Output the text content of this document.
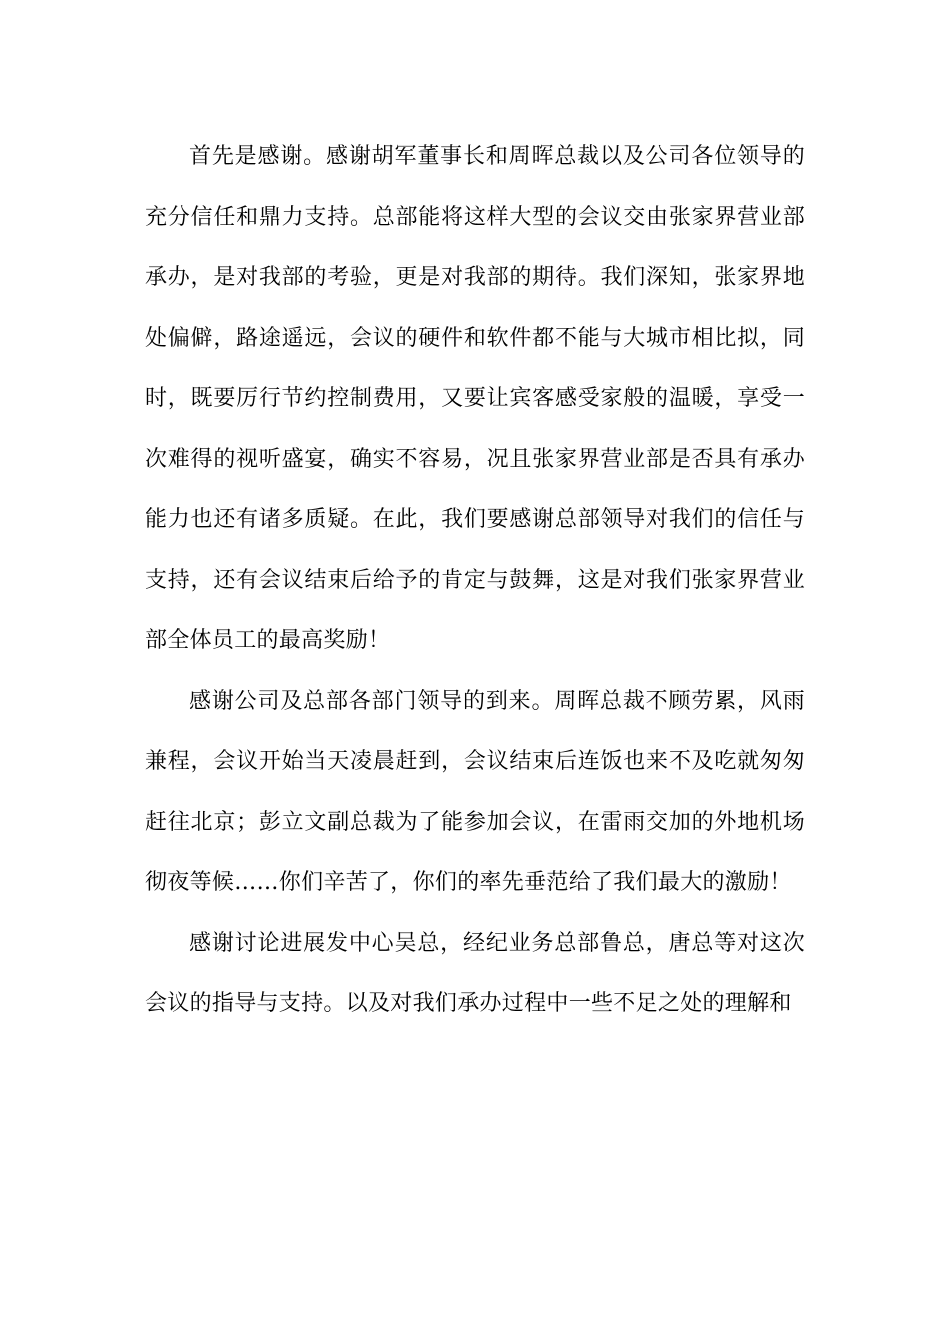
首先是感谢。感谢胡军董事长和周晖总裁以及公司各位领导的充分信任和鼎力支持。总部能将这样大型的会议交由张家界营业部承办，是对我部的考验，更是对我部的期待。我们深知，张家界地处偏僻，路途遥远，会议的硬件和软件都不能与大城市相比拟，同时，既要厉行节约控制费用，又要让宾客感受家般的温暖，享受一次难得的视听盛宴，确实不容易，况且张家界营业部是否具有承办能力也还有诸多质疑。在此，我们要感谢总部领导对我们的信任与支持，还有会议结束后给予的肯定与鼓舞，这是对我们张家界营业部全体员工的最高奖励！

感谢公司及总部各部门领导的到来。周晖总裁不顾劳累，风雨兼程，会议开始当天凌晨赶到，会议结束后连饭也来不及吃就匆匆赶往北京；彭立文副总裁为了能参加会议，在雷雨交加的外地机场彻夜等候……你们辛苦了，你们的率先垂范给了我们最大的激励！

感谢讨论进展发中心吴总，经纪业务总部鲁总，唐总等对这次会议的指导与支持。以及对我们承办过程中一些不足之处的理解和
